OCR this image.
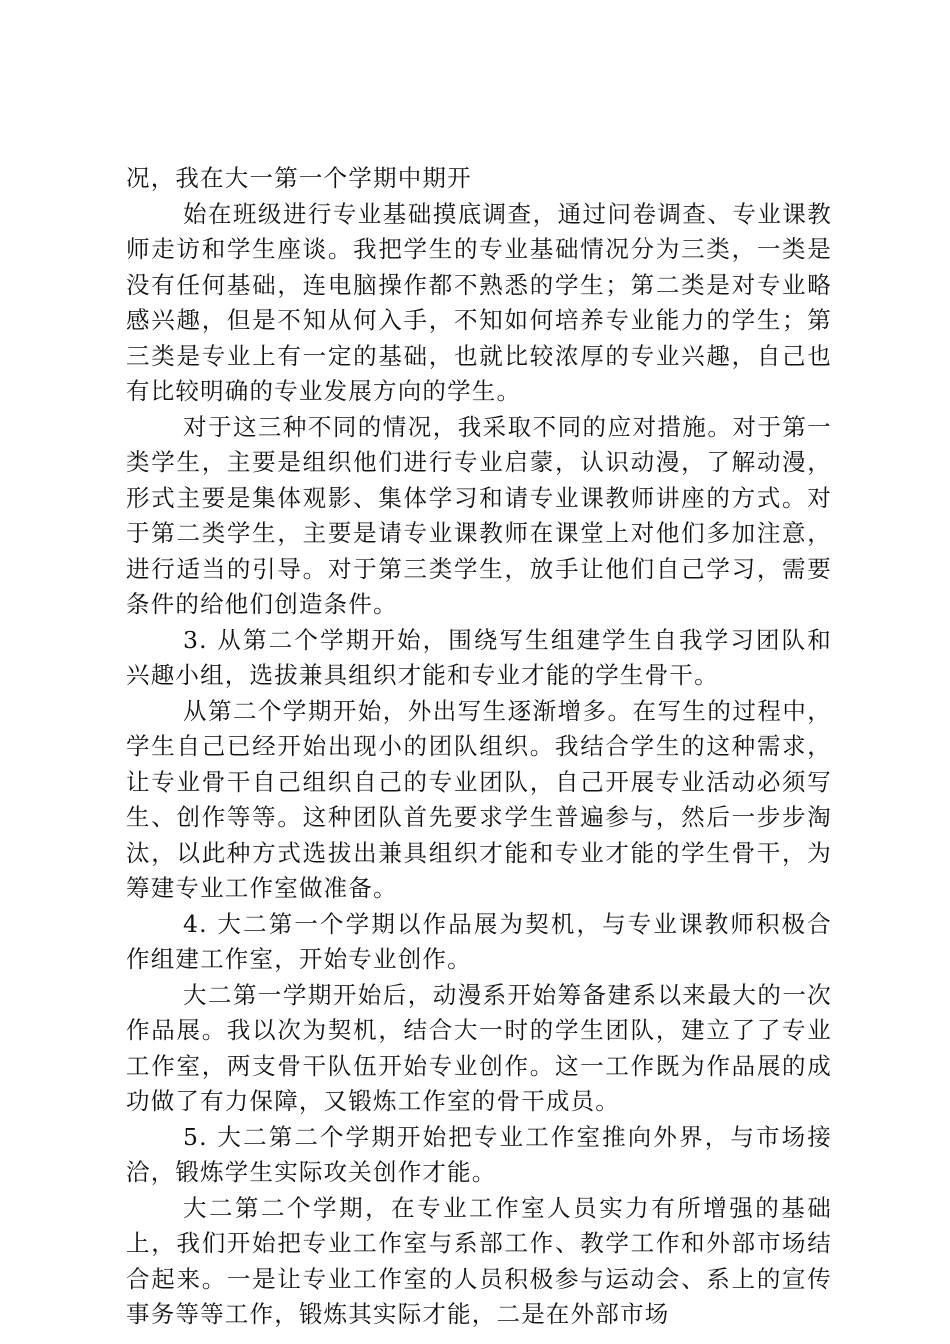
况，我在大一第一个学期中期开

始在班级进行专业基础摸底调查，通过问卷调查、专业课教师走访和学生座谈。我把学生的专业基础情况分为三类，一类是没有任何基础，连电脑操作都不熟悉的学生；第二类是对专业略感兴趣，但是不知从何入手，不知如何培养专业能力的学生；第三类是专业上有一定的基础，也就比较浓厚的专业兴趣，自己也有比较明确的专业发展方向的学生。

对于这三种不同的情况，我采取不同的应对措施。对于第一类学生，主要是组织他们进行专业启蒙，认识动漫，了解动漫，形式主要是集体观影、集体学习和请专业课教师讲座的方式。对于第二类学生，主要是请专业课教师在课堂上对他们多加注意，进行适当的引导。对于第三类学生，放手让他们自己学习，需要条件的给他们创造条件。

3. 从第二个学期开始，围绕写生组建学生自我学习团队和兴趣小组，选拔兼具组织才能和专业才能的学生骨干。

从第二个学期开始，外出写生逐渐增多。在写生的过程中，学生自己已经开始出现小的团队组织。我结合学生的这种需求，让专业骨干自己组织自己的专业团队，自己开展专业活动必须写生、创作等等。这种团队首先要求学生普遍参与，然后一步步淘汰，以此种方式选拔出兼具组织才能和专业才能的学生骨干，为筹建专业工作室做准备。

4. 大二第一个学期以作品展为契机，与专业课教师积极合作组建工作室，开始专业创作。

大二第一学期开始后，动漫系开始筹备建系以来最大的一次作品展。我以次为契机，结合大一时的学生团队，建立了了专业工作室，两支骨干队伍开始专业创作。这一工作既为作品展的成功做了有力保障，又锻炼工作室的骨干成员。

5. 大二第二个学期开始把专业工作室推向外界，与市场接洽，锻炼学生实际攻关创作才能。

大二第二个学期，在专业工作室人员实力有所增强的基础上，我们开始把专业工作室与系部工作、教学工作和外部市场结合起来。一是让专业工作室的人员积极参与运动会、系上的宣传事务等等工作，锻炼其实际才能，二是在外部市场
